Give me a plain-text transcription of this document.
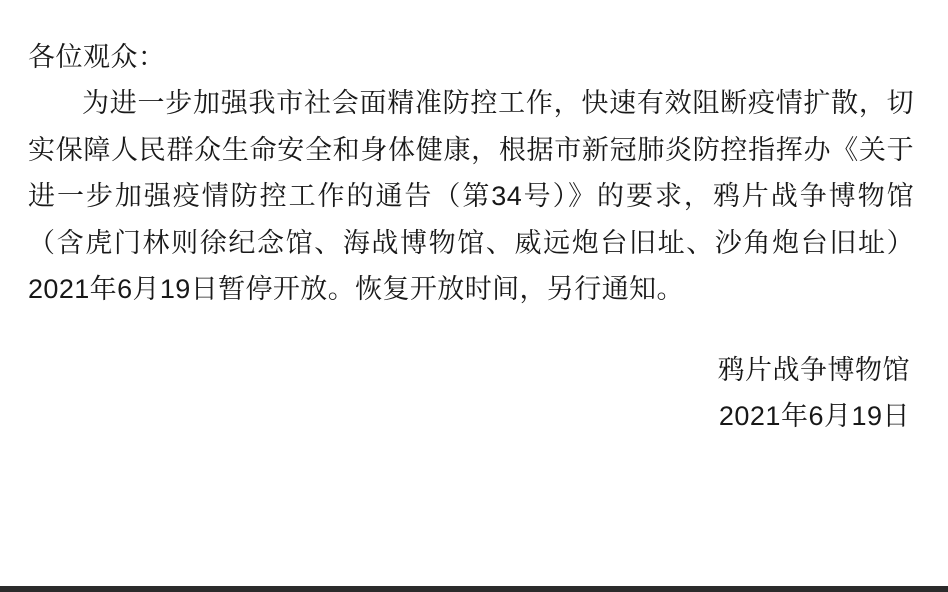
各位观众：

为进一步加强我市社会面精准防控工作，快速有效阻断疫情扩散，切实保障人民群众生命安全和身体健康，根据市新冠肺炎防控指挥办《关于进一步加强疫情防控工作的通告（第34号）》的要求，鸦片战争博物馆（含虎门林则徐纪念馆、海战博物馆、威远炮台旧址、沙角炮台旧址）2021年6月19日暂停开放。恢复开放时间，另行通知。

鸦片战争博物馆
2021年6月19日
